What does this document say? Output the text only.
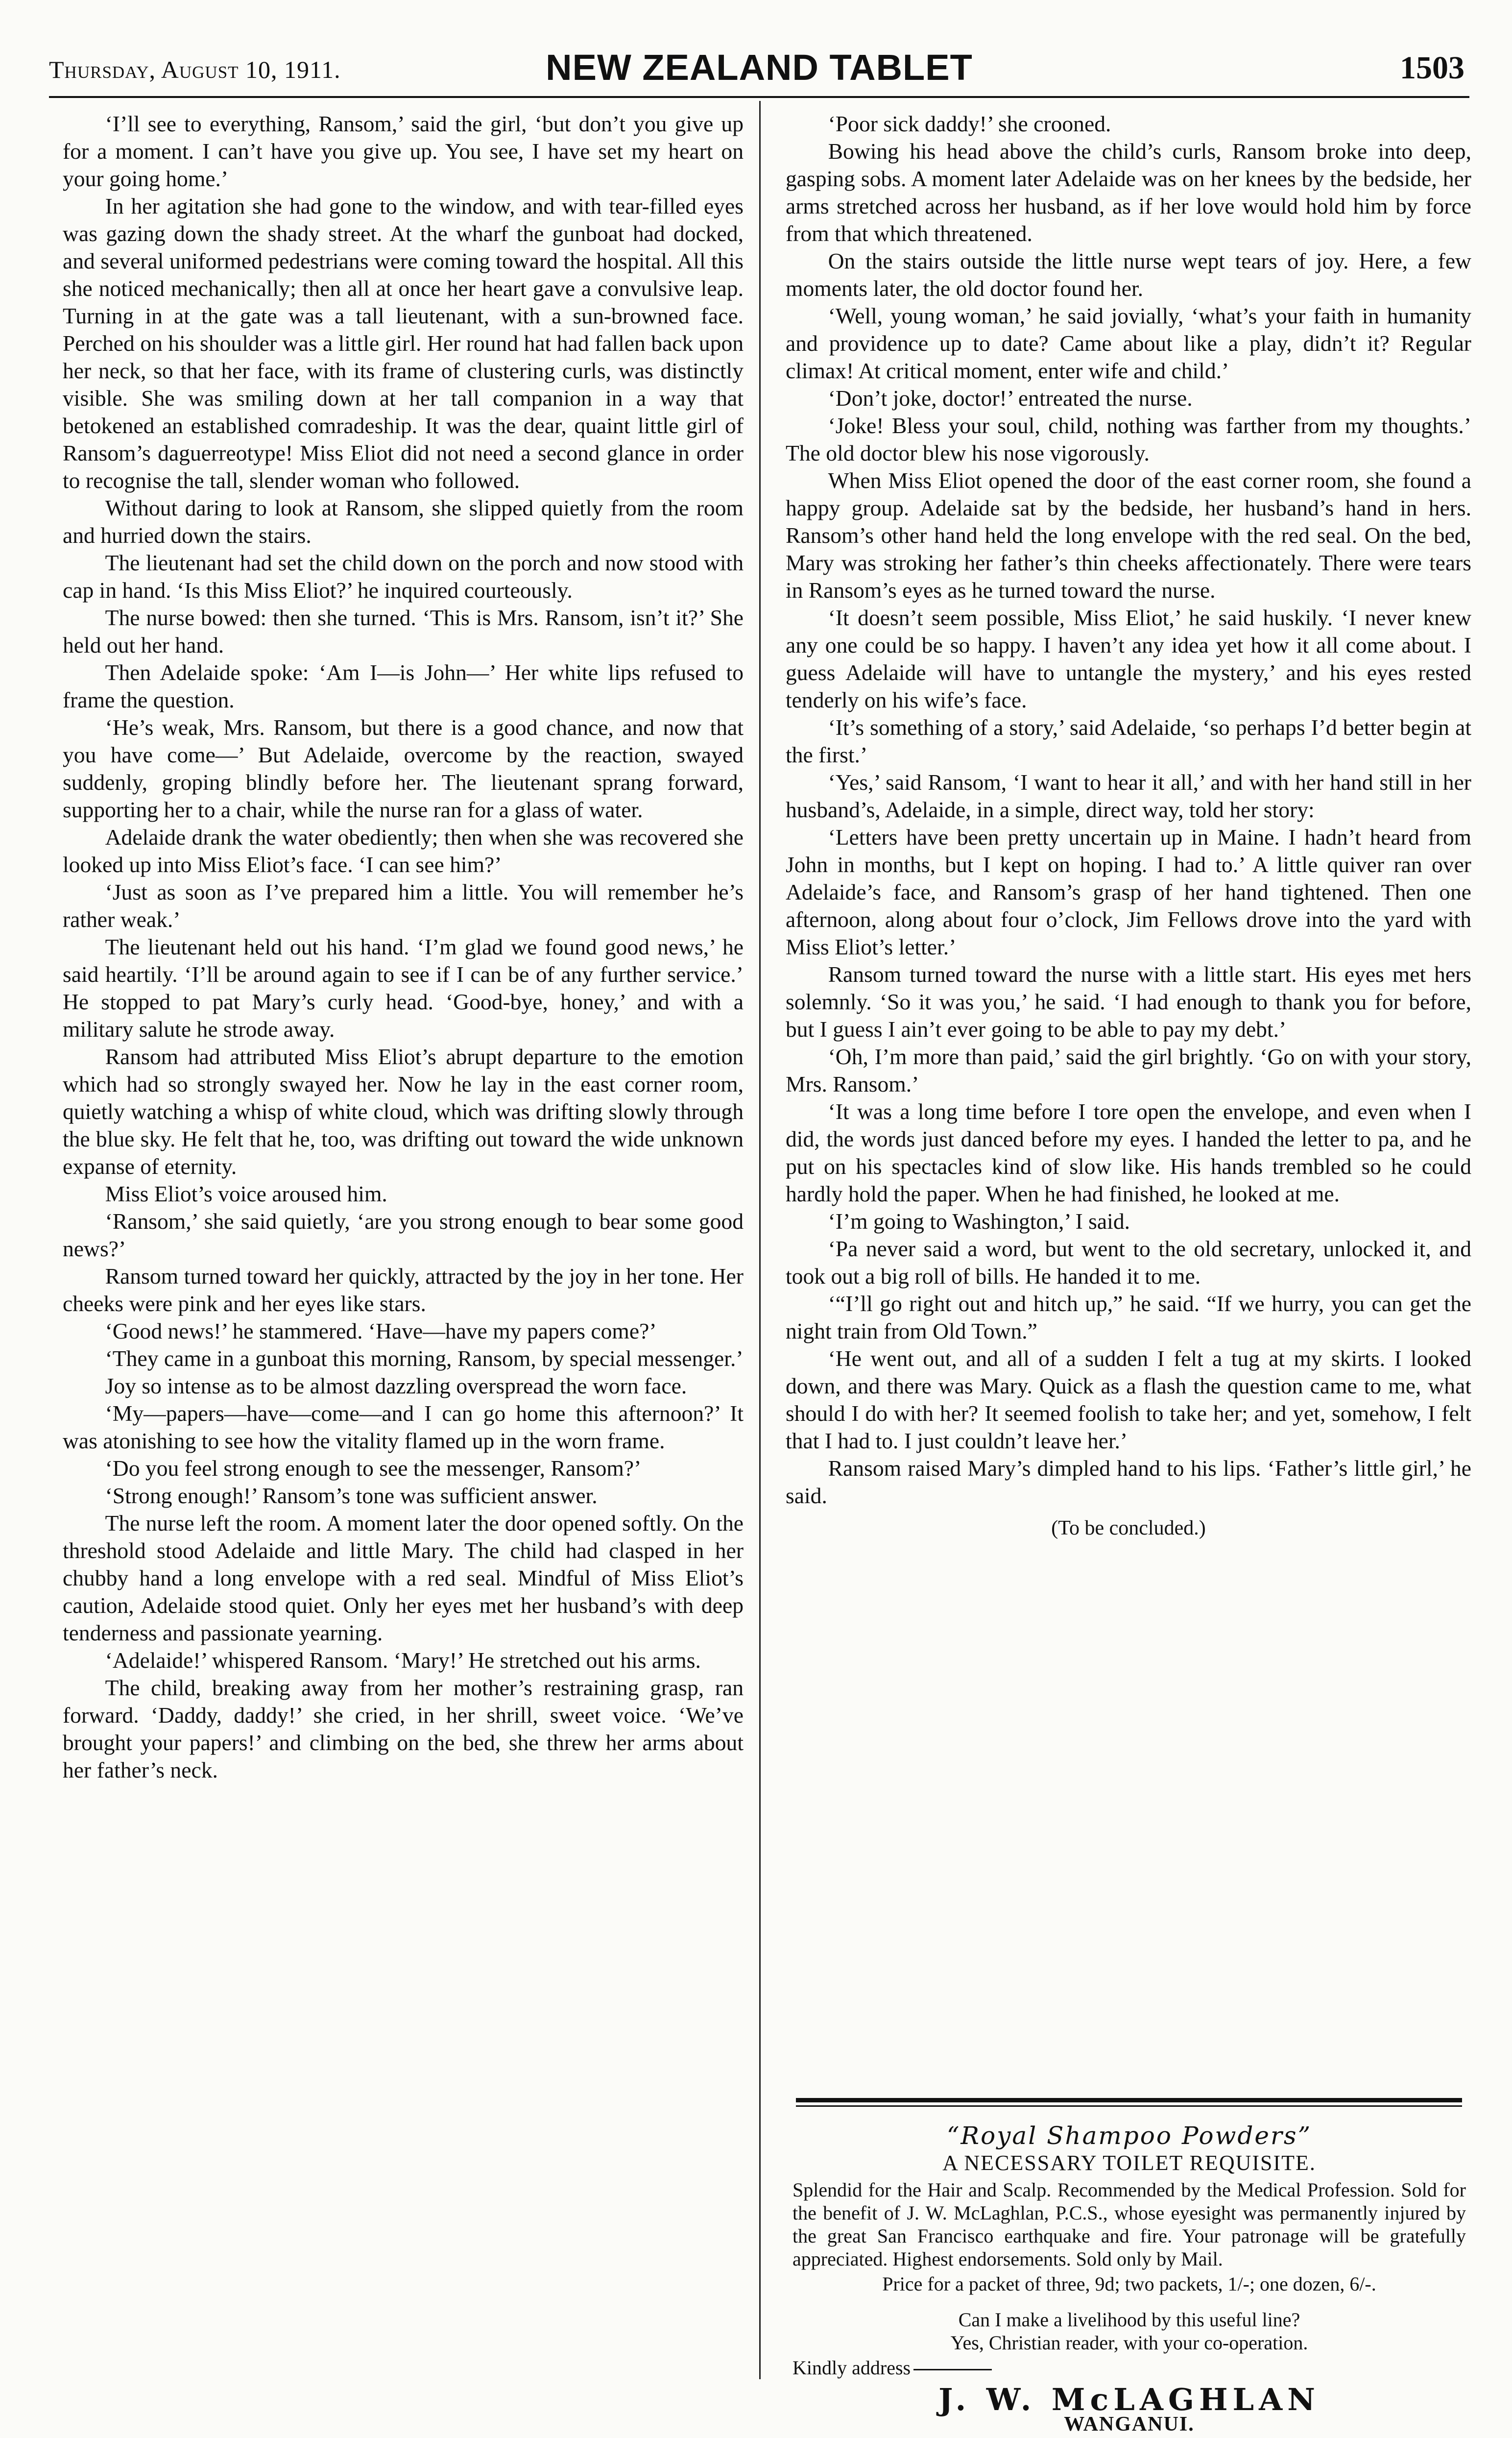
Thursday, August 10, 1911.	NEW ZEALAND TABLET	1503

‘I’ll see to everything, Ransom,’ said the girl, ‘but don’t you give up for a moment. I can’t have you give up. You see, I have set my heart on your going home.’

In her agitation she had gone to the window, and with tear-filled eyes was gazing down the shady street. At the wharf the gunboat had docked, and several uniformed pedestrians were coming toward the hospital. All this she noticed mechanically; then all at once her heart gave a convulsive leap. Turning in at the gate was a tall lieutenant, with a sun-browned face. Perched on his shoulder was a little girl. Her round hat had fallen back upon her neck, so that her face, with its frame of clustering curls, was distinctly visible. She was smiling down at her tall companion in a way that betokened an established comradeship. It was the dear, quaint little girl of Ransom’s daguerreotype! Miss Eliot did not need a second glance in order to recognise the tall, slender woman who followed.

Without daring to look at Ransom, she slipped quietly from the room and hurried down the stairs.

The lieutenant had set the child down on the porch and now stood with cap in hand. ‘Is this Miss Eliot?’ he inquired courteously.

The nurse bowed: then she turned. ‘This is Mrs. Ransom, isn’t it?’ She held out her hand.

Then Adelaide spoke: ‘Am I—is John—’ Her white lips refused to frame the question.

‘He’s weak, Mrs. Ransom, but there is a good chance, and now that you have come—’ But Adelaide, overcome by the reaction, swayed suddenly, groping blindly before her. The lieutenant sprang forward, supporting her to a chair, while the nurse ran for a glass of water.

Adelaide drank the water obediently; then when she was recovered she looked up into Miss Eliot’s face. ‘I can see him?’

‘Just as soon as I’ve prepared him a little. You will remember he’s rather weak.’

The lieutenant held out his hand. ‘I’m glad we found good news,’ he said heartily. ‘I’ll be around again to see if I can be of any further service.’ He stopped to pat Mary’s curly head. ‘Good-bye, honey,’ and with a military salute he strode away.

Ransom had attributed Miss Eliot’s abrupt departure to the emotion which had so strongly swayed her. Now he lay in the east corner room, quietly watching a whisp of white cloud, which was drifting slowly through the blue sky. He felt that he, too, was drifting out toward the wide unknown expanse of eternity.

Miss Eliot’s voice aroused him.

‘Ransom,’ she said quietly, ‘are you strong enough to bear some good news?’

Ransom turned toward her quickly, attracted by the joy in her tone. Her cheeks were pink and her eyes like stars.

‘Good news!’ he stammered. ‘Have—have my papers come?’

‘They came in a gunboat this morning, Ransom, by special messenger.’

Joy so intense as to be almost dazzling overspread the worn face.

‘My—papers—have—come—and I can go home this afternoon?’ It was atonishing to see how the vitality flamed up in the worn frame.

‘Do you feel strong enough to see the messenger, Ransom?’

‘Strong enough!’ Ransom’s tone was sufficient answer.

The nurse left the room. A moment later the door opened softly. On the threshold stood Adelaide and little Mary. The child had clasped in her chubby hand a long envelope with a red seal. Mindful of Miss Eliot’s caution, Adelaide stood quiet. Only her eyes met her husband’s with deep tenderness and passionate yearning.

‘Adelaide!’ whispered Ransom. ‘Mary!’ He stretched out his arms.

The child, breaking away from her mother’s restraining grasp, ran forward. ‘Daddy, daddy!’ she cried, in her shrill, sweet voice. ‘We’ve brought your papers!’ and climbing on the bed, she threw her arms about her father’s neck.

‘Poor sick daddy!’ she crooned.

Bowing his head above the child’s curls, Ransom broke into deep, gasping sobs. A moment later Adelaide was on her knees by the bedside, her arms stretched across her husband, as if her love would hold him by force from that which threatened.

On the stairs outside the little nurse wept tears of joy. Here, a few moments later, the old doctor found her.

‘Well, young woman,’ he said jovially, ‘what’s your faith in humanity and providence up to date? Came about like a play, didn’t it? Regular climax! At critical moment, enter wife and child.’

‘Don’t joke, doctor!’ entreated the nurse.

‘Joke! Bless your soul, child, nothing was farther from my thoughts.’ The old doctor blew his nose vigorously.

When Miss Eliot opened the door of the east corner room, she found a happy group. Adelaide sat by the bedside, her husband’s hand in hers. Ransom’s other hand held the long envelope with the red seal. On the bed, Mary was stroking her father’s thin cheeks affectionately. There were tears in Ransom’s eyes as he turned toward the nurse.

‘It doesn’t seem possible, Miss Eliot,’ he said huskily. ‘I never knew any one could be so happy. I haven’t any idea yet how it all come about. I guess Adelaide will have to untangle the mystery,’ and his eyes rested tenderly on his wife’s face.

‘It’s something of a story,’ said Adelaide, ‘so perhaps I’d better begin at the first.’

‘Yes,’ said Ransom, ‘I want to hear it all,’ and with her hand still in her husband’s, Adelaide, in a simple, direct way, told her story:

‘Letters have been pretty uncertain up in Maine. I hadn’t heard from John in months, but I kept on hoping. I had to.’ A little quiver ran over Adelaide’s face, and Ransom’s grasp of her hand tightened. Then one afternoon, along about four o’clock, Jim Fellows drove into the yard with Miss Eliot’s letter.’

Ransom turned toward the nurse with a little start. His eyes met hers solemnly. ‘So it was you,’ he said. ‘I had enough to thank you for before, but I guess I ain’t ever going to be able to pay my debt.’

‘Oh, I’m more than paid,’ said the girl brightly. ‘Go on with your story, Mrs. Ransom.’

‘It was a long time before I tore open the envelope, and even when I did, the words just danced before my eyes. I handed the letter to pa, and he put on his spectacles kind of slow like. His hands trembled so he could hardly hold the paper. When he had finished, he looked at me.

‘I’m going to Washington,’ I said.

‘Pa never said a word, but went to the old secretary, unlocked it, and took out a big roll of bills. He handed it to me.

‘“I’ll go right out and hitch up,” he said. “If we hurry, you can get the night train from Old Town.”

‘He went out, and all of a sudden I felt a tug at my skirts. I looked down, and there was Mary. Quick as a flash the question came to me, what should I do with her? It seemed foolish to take her; and yet, somehow, I felt that I had to. I just couldn’t leave her.’

Ransom raised Mary’s dimpled hand to his lips. ‘Father’s little girl,’ he said.

(To be concluded.)

“Royal Shampoo Powders”
A NECESSARY TOILET REQUISITE.
Splendid for the Hair and Scalp. Recommended by the Medical Profession. Sold for the benefit of J. W. McLaghlan, P.C.S., whose eyesight was permanently injured by the great San Francisco earthquake and fire. Your patronage will be gratefully appreciated. Highest endorsements. Sold only by Mail.
Price for a packet of three, 9d; two packets, 1/-; one dozen, 6/-.
Can I make a livelihood by this useful line?
Yes, Christian reader, with your co-operation.
Kindly address
J. W. McLAGHLAN
WANGANUI.
